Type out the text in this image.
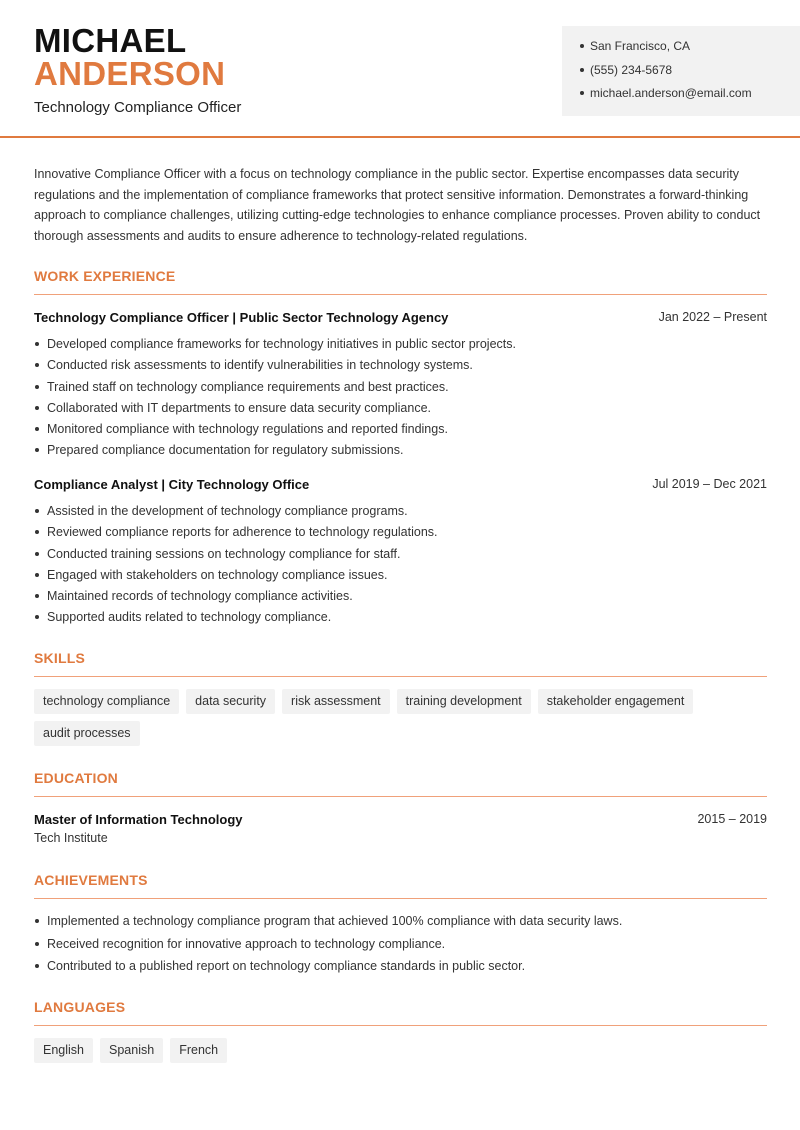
MICHAEL
ANDERSON
Technology Compliance Officer
San Francisco, CA
(555) 234-5678
michael.anderson@email.com
Innovative Compliance Officer with a focus on technology compliance in the public sector. Expertise encompasses data security regulations and the implementation of compliance frameworks that protect sensitive information. Demonstrates a forward-thinking approach to compliance challenges, utilizing cutting-edge technologies to enhance compliance processes. Proven ability to conduct thorough assessments and audits to ensure adherence to technology-related regulations.
WORK EXPERIENCE
Technology Compliance Officer | Public Sector Technology Agency	Jan 2022 – Present
Developed compliance frameworks for technology initiatives in public sector projects.
Conducted risk assessments to identify vulnerabilities in technology systems.
Trained staff on technology compliance requirements and best practices.
Collaborated with IT departments to ensure data security compliance.
Monitored compliance with technology regulations and reported findings.
Prepared compliance documentation for regulatory submissions.
Compliance Analyst | City Technology Office	Jul 2019 – Dec 2021
Assisted in the development of technology compliance programs.
Reviewed compliance reports for adherence to technology regulations.
Conducted training sessions on technology compliance for staff.
Engaged with stakeholders on technology compliance issues.
Maintained records of technology compliance activities.
Supported audits related to technology compliance.
SKILLS
technology compliance	data security	risk assessment	training development	stakeholder engagement
audit processes
EDUCATION
Master of Information Technology	2015 – 2019
Tech Institute
ACHIEVEMENTS
Implemented a technology compliance program that achieved 100% compliance with data security laws.
Received recognition for innovative approach to technology compliance.
Contributed to a published report on technology compliance standards in public sector.
LANGUAGES
English	Spanish	French
